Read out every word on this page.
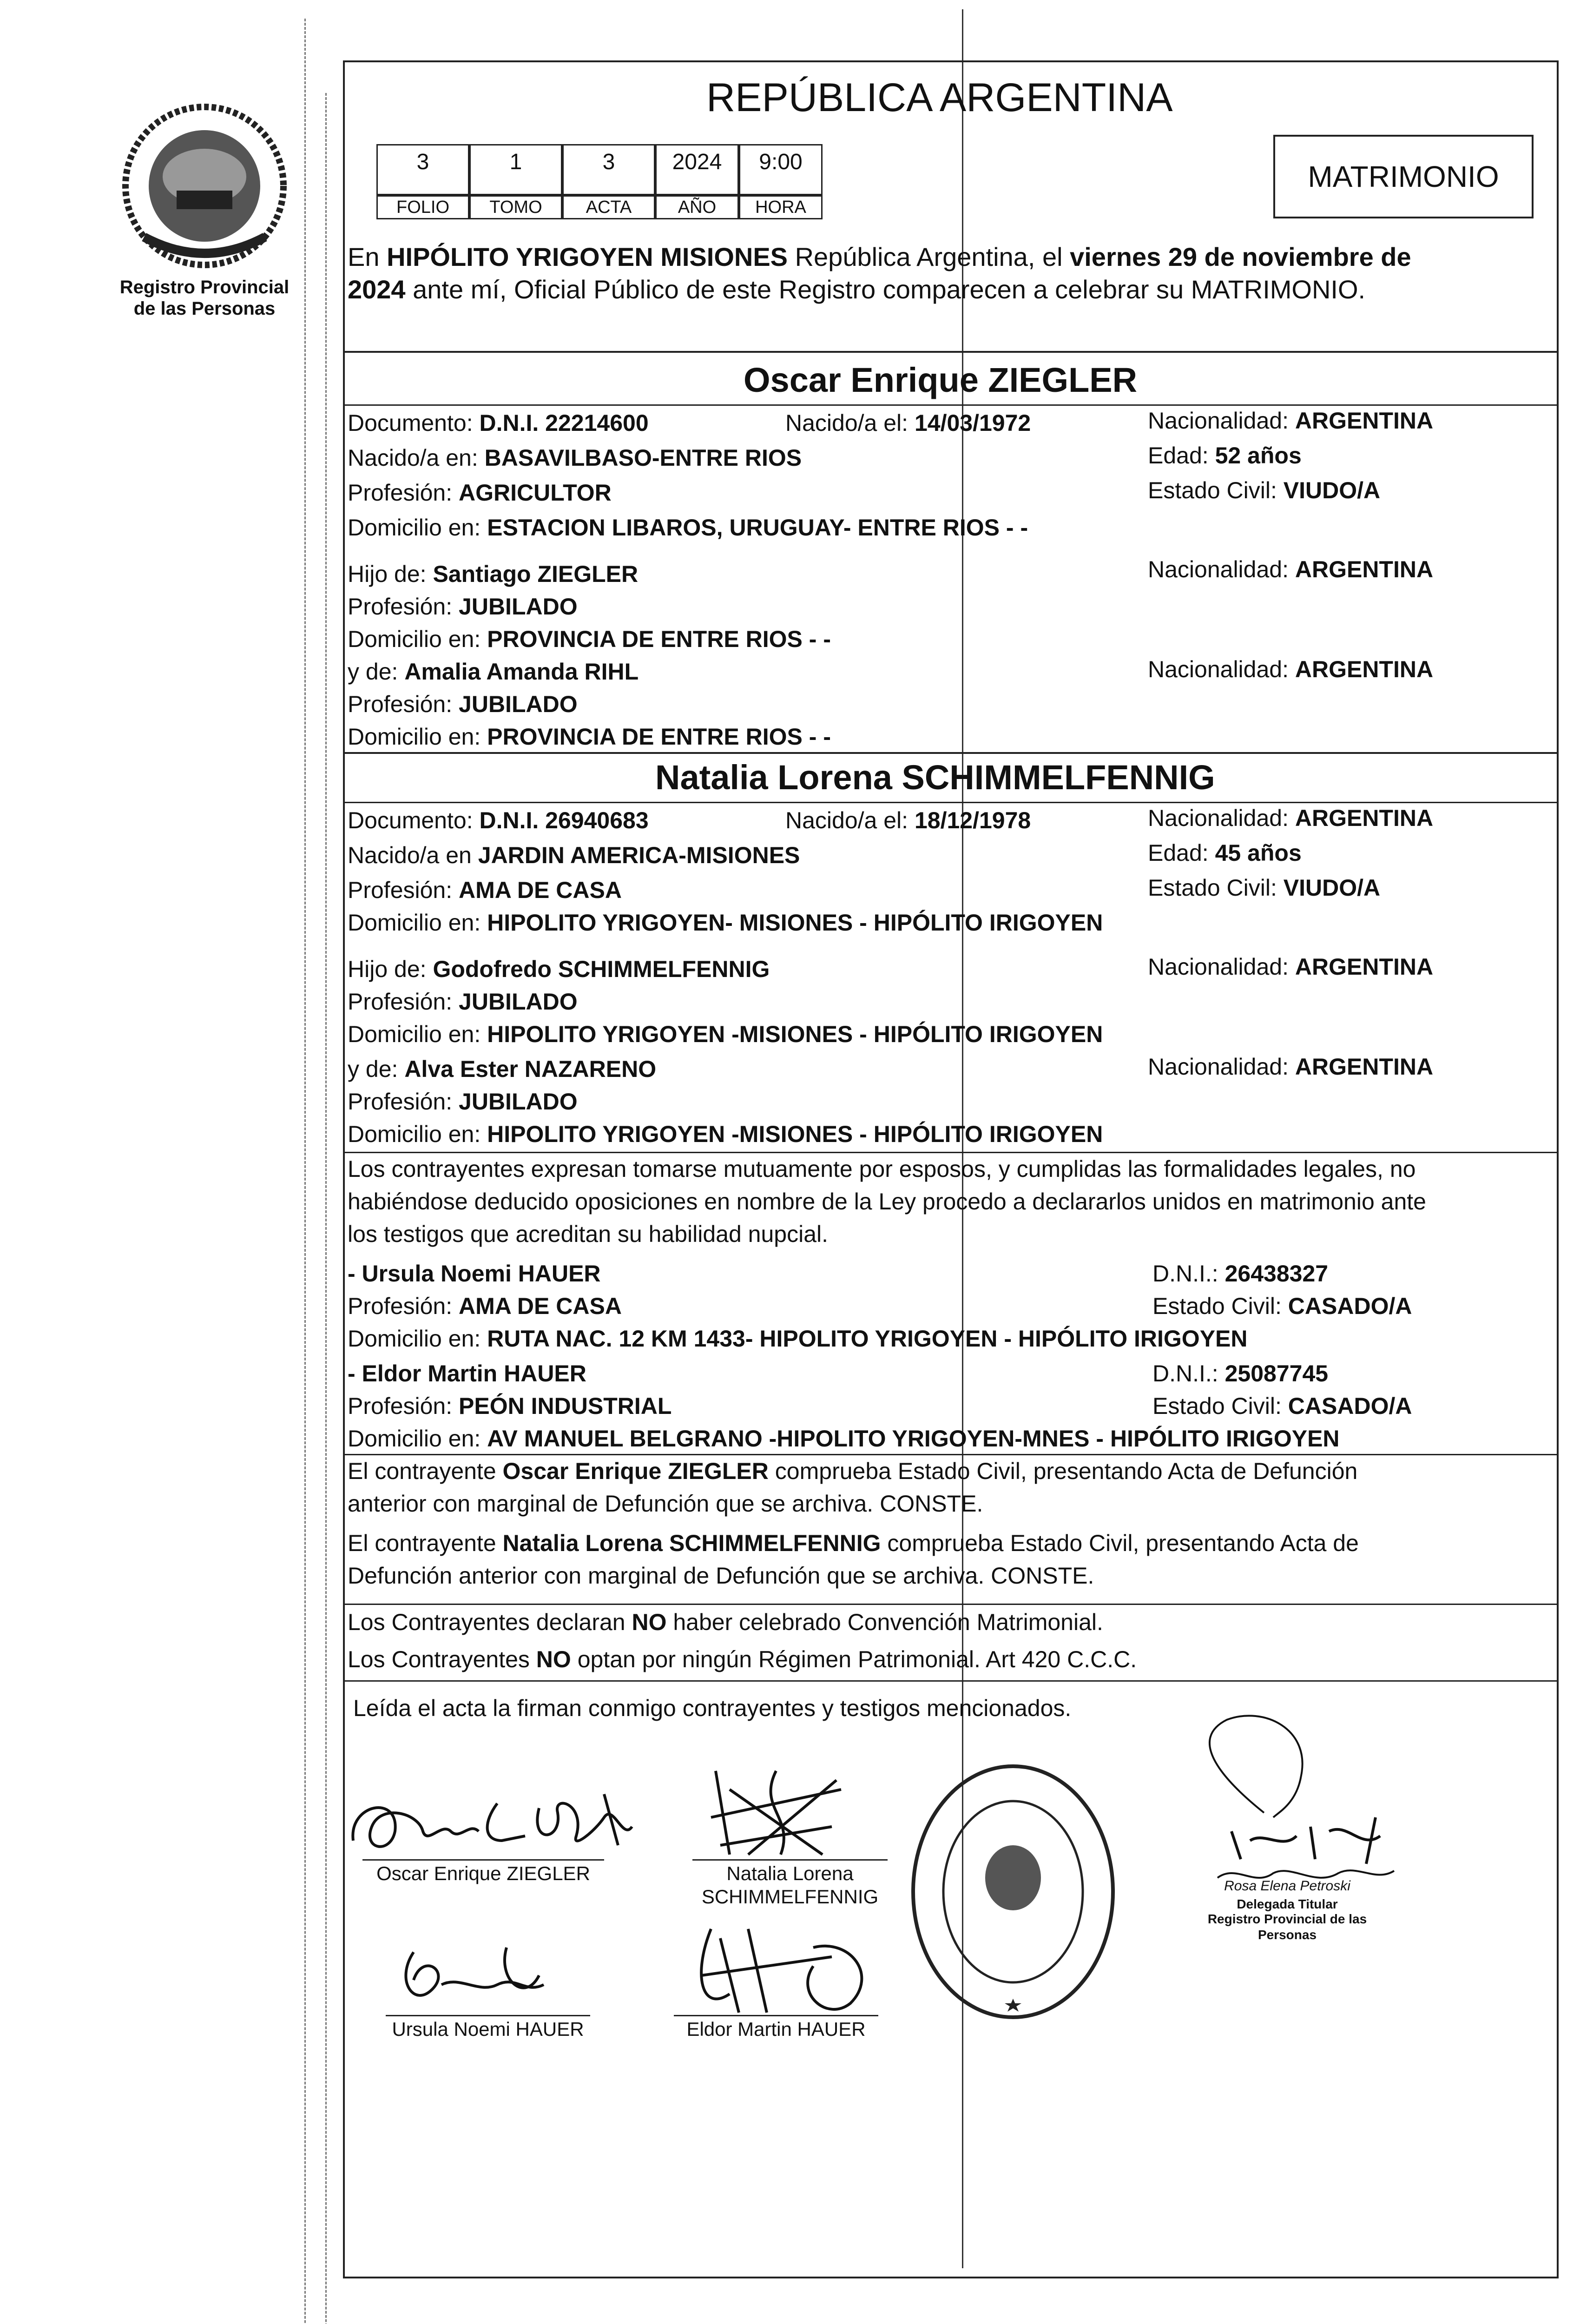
Registro Provincial
de las Personas
REPÚBLICA ARGENTINA
3	1	3	2024	9:00
FOLIO	TOMO	ACTA	AÑO	HORA
MATRIMONIO
En HIPÓLITO YRIGOYEN MISIONES República Argentina, el viernes 29 de noviembre de
2024 ante mí, Oficial Público de este Registro comparecen a celebrar su MATRIMONIO.
Oscar Enrique ZIEGLER
Documento: D.N.I. 22214600	Nacido/a el: 14/03/1972	Nacionalidad: ARGENTINA
Nacido/a en: BASAVILBASO-ENTRE RIOS	Edad: 52 años
Profesión: AGRICULTOR	Estado Civil: VIUDO/A
Domicilio en: ESTACION LIBAROS, URUGUAY- ENTRE RIOS - -
Hijo de: Santiago ZIEGLER	Nacionalidad: ARGENTINA
Profesión: JUBILADO
Domicilio en: PROVINCIA DE ENTRE RIOS - -
y de: Amalia Amanda RIHL	Nacionalidad: ARGENTINA
Profesión: JUBILADO
Domicilio en: PROVINCIA DE ENTRE RIOS - -
Natalia Lorena SCHIMMELFENNIG
Documento: D.N.I. 26940683	Nacido/a el: 18/12/1978	Nacionalidad: ARGENTINA
Nacido/a en JARDIN AMERICA-MISIONES	Edad: 45 años
Profesión: AMA DE CASA	Estado Civil: VIUDO/A
Domicilio en: HIPOLITO YRIGOYEN- MISIONES - HIPÓLITO IRIGOYEN
Hijo de: Godofredo SCHIMMELFENNIG	Nacionalidad: ARGENTINA
Profesión: JUBILADO
Domicilio en: HIPOLITO YRIGOYEN -MISIONES - HIPÓLITO IRIGOYEN
y de: Alva Ester NAZARENO	Nacionalidad: ARGENTINA
Profesión: JUBILADO
Domicilio en: HIPOLITO YRIGOYEN -MISIONES - HIPÓLITO IRIGOYEN
Los contrayentes expresan tomarse mutuamente por esposos, y cumplidas las formalidades legales, no
habiéndose deducido oposiciones en nombre de la Ley procedo a declararlos unidos en matrimonio ante
los testigos que acreditan su habilidad nupcial.
- Ursula Noemi HAUER	D.N.I.: 26438327
Profesión: AMA DE CASA	Estado Civil: CASADO/A
Domicilio en: RUTA NAC. 12 KM 1433- HIPOLITO YRIGOYEN - HIPÓLITO IRIGOYEN
- Eldor Martin HAUER	D.N.I.: 25087745
Profesión: PEÓN INDUSTRIAL	Estado Civil: CASADO/A
Domicilio en: AV MANUEL BELGRANO -HIPOLITO YRIGOYEN-MNES - HIPÓLITO IRIGOYEN
El contrayente Oscar Enrique ZIEGLER comprueba Estado Civil, presentando Acta de Defunción
anterior con marginal de Defunción que se archiva. CONSTE.
El contrayente Natalia Lorena SCHIMMELFENNIG comprueba Estado Civil, presentando Acta de
Defunción anterior con marginal de Defunción que se archiva. CONSTE.
Los Contrayentes declaran NO haber celebrado Convención Matrimonial.
Los Contrayentes NO optan por ningún Régimen Patrimonial. Art 420 C.C.C.
Leída el acta la firman conmigo contrayentes y testigos mencionados.
Oscar Enrique ZIEGLER	Natalia Lorena
SCHIMMELFENNIG
Ursula Noemi HAUER	Eldor Martin HAUER
Rosa Elena Petroski
Delegada Titular
Registro Provincial de las Personas
